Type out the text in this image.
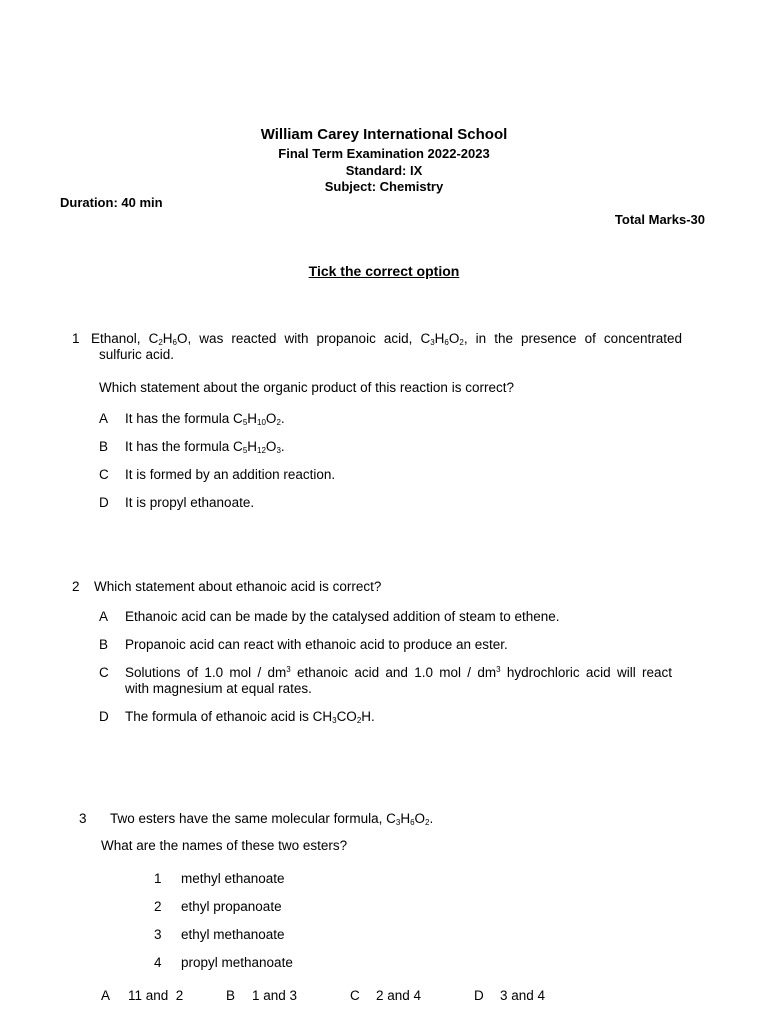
William Carey International School
Final Term Examination 2022-2023
Standard: IX
Subject: Chemistry
Duration: 40 min
Total Marks-30
Tick the correct option
1 Ethanol, $C_2H_6O$, was reacted with propanoic acid, $C_3H_6O_2$, in the presence of concentrated
sulfuric acid.
Which statement about the organic product of this reaction is correct?
A It has the formula $C_5H_{10}O_2$.
B It has the formula $C_5H_{12}O_3$.
C It is formed by an addition reaction.
D It is propyl ethanoate.
2 Which statement about ethanoic acid is correct?
A Ethanoic acid can be made by the catalysed addition of steam to ethene.
B Propanoic acid can react with ethanoic acid to produce an ester.
C Solutions of 1.0 mol / $dm^3$ ethanoic acid and 1.0 mol / $dm^3$ hydrochloric acid will react
with magnesium at equal rates.
D The formula of ethanoic acid is $CH_3CO_2H$.
3 Two esters have the same molecular formula, $C_3H_6O_2$.
What are the names of these two esters?
1 methyl ethanoate
2 ethyl propanoate
3 ethyl methanoate
4 propyl methanoate
A 11 and  2	B 1 and 3	C 2 and 4	D 3 and 4
